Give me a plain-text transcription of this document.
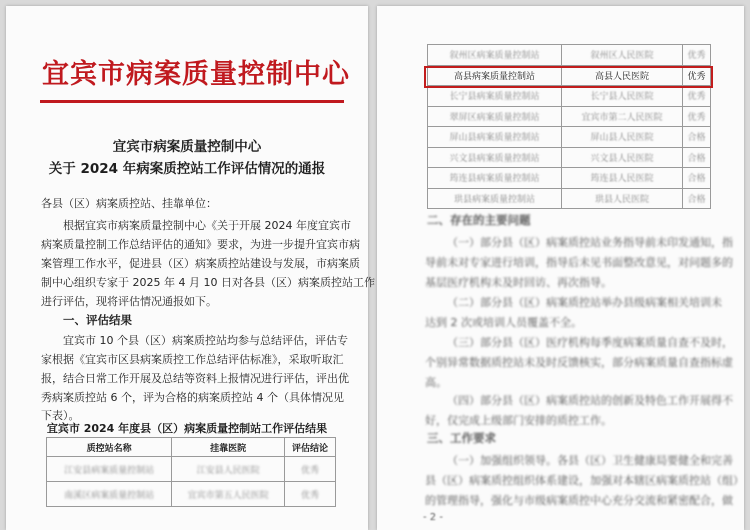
宜宾市病案质量控制中心
宜宾市病案质量控制中心
关于 2024 年病案质控站工作评估情况的通报
各县（区）病案质控站、挂靠单位：
根据宜宾市病案质量控制中心《关于开展 2024 年度宜宾市
病案质量控制工作总结评估的通知》要求，为进一步提升宜宾市病
案管理工作水平，促进县（区）病案质控站建设与发展，市病案质
制中心组织专家于 2025 年 4 月 10 日对各县（区）病案质控站工作
进行评估，现将评估情况通报如下。
一、评估结果
宜宾市 10 个县（区）病案质控站均参与总结评估，评估专
家根据《宜宾市区县病案质控工作总结评估标准》，采取听取汇
报，结合日常工作开展及总结等资料上报情况进行评估，评出优
秀病案质控站 6 个，评为合格的病案质控站 4 个（具体情况见
下表）。
宜宾市 2024 年度县（区）病案质量控制站工作评估结果
质控站名称	挂靠医院	评估结论
江安县病案质量控制站	江安县人民医院	优秀
南溪区病案质量控制站	宜宾市第五人民医院	优秀
叙州区病案质量控制站	叙州区人民医院	优秀
高县病案质量控制站	高县人民医院	优秀
长宁县病案质量控制站	长宁县人民医院	优秀
翠屏区病案质量控制站	宜宾市第二人民医院	优秀
屏山县病案质量控制站	屏山县人民医院	合格
兴文县病案质量控制站	兴文县人民医院	合格
筠连县病案质量控制站	筠连县人民医院	合格
珙县病案质量控制站	珙县人民医院	合格
二、存在的主要问题
（一）部分县（区）病案质控站业务指导前未印发通知，指
导前未对专家进行培训，指导后未见书面整改意见，对问题多的
基层医疗机构未及时回访、再次指导。
（二）部分县（区）病案质控站举办县级病案相关培训未
达到 2 次或培训人员覆盖不全。
（三）部分县（区）医疗机构每季度病案质量自查不及时，
个别异常数据质控站未及时反馈核实，部分病案质量自查指标虚
高。
（四）部分县（区）病案质控站的创新及特色工作开展得不
好，仅完成上级部门安排的质控工作。
三、工作要求
（一）加强组织领导。各县（区）卫生健康局要健全和完善
县（区）病案质控组织体系建设，加强对本辖区病案质控站（组）
的管理指导，强化与市级病案质控中心充分交流和紧密配合，做
- 2 -
